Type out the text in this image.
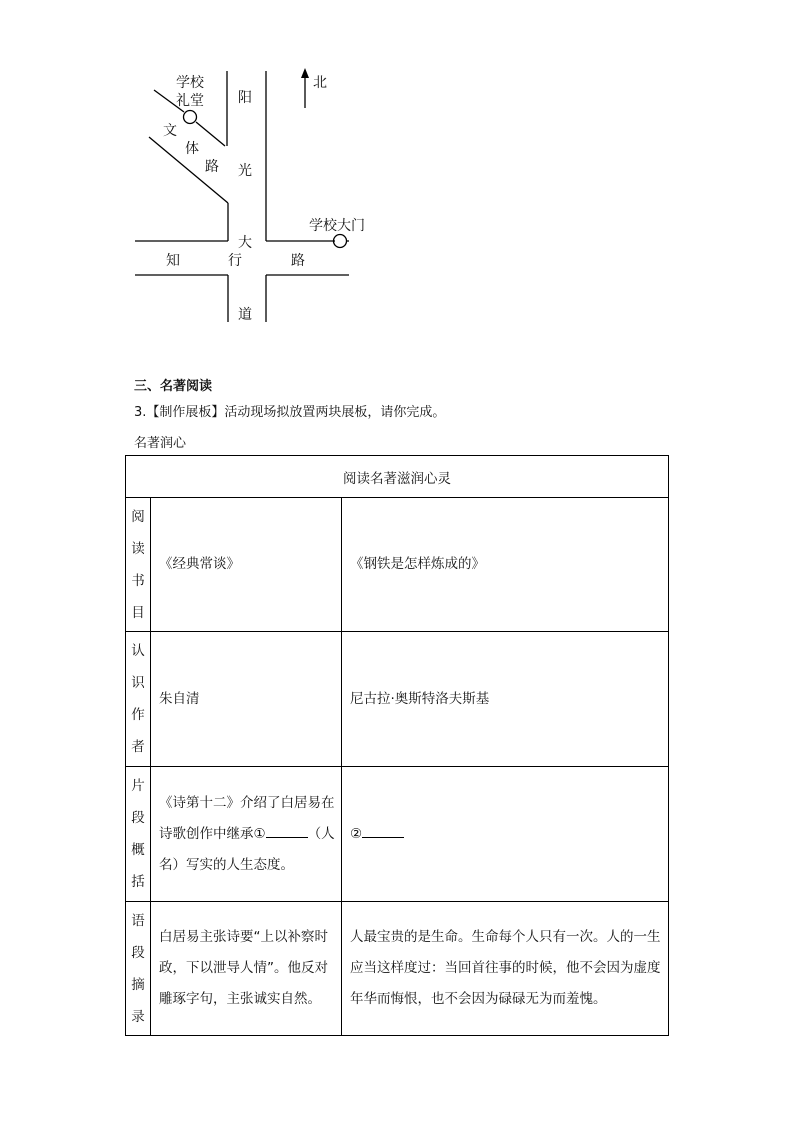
学校
礼堂
北
文
体
路
阳
光
大
道
学校大门
知	行	路
三、名著阅读
3.【制作展板】活动现场拟放置两块展板，请你完成。
名著润心
阅读名著滋润心灵		

阅
读
书
目	《经典常谈》	《钢铁是怎样炼成的》

认
识
作
者	朱自清	尼古拉·奥斯特洛夫斯基

片
段
概
括	《诗第十二》介绍了白居易在诗歌创作中继承① （人名）写实的人生态度。	②

语
段
摘
录	白居易主张诗要“上以补察时政，下以泄导人情”。他反对雕琢字句，主张诚实自然。	人最宝贵的是生命。生命每个人只有一次。人的一生应当这样度过：当回首往事的时候，他不会因为虚度年华而悔恨，也不会因为碌碌无为而羞愧。
